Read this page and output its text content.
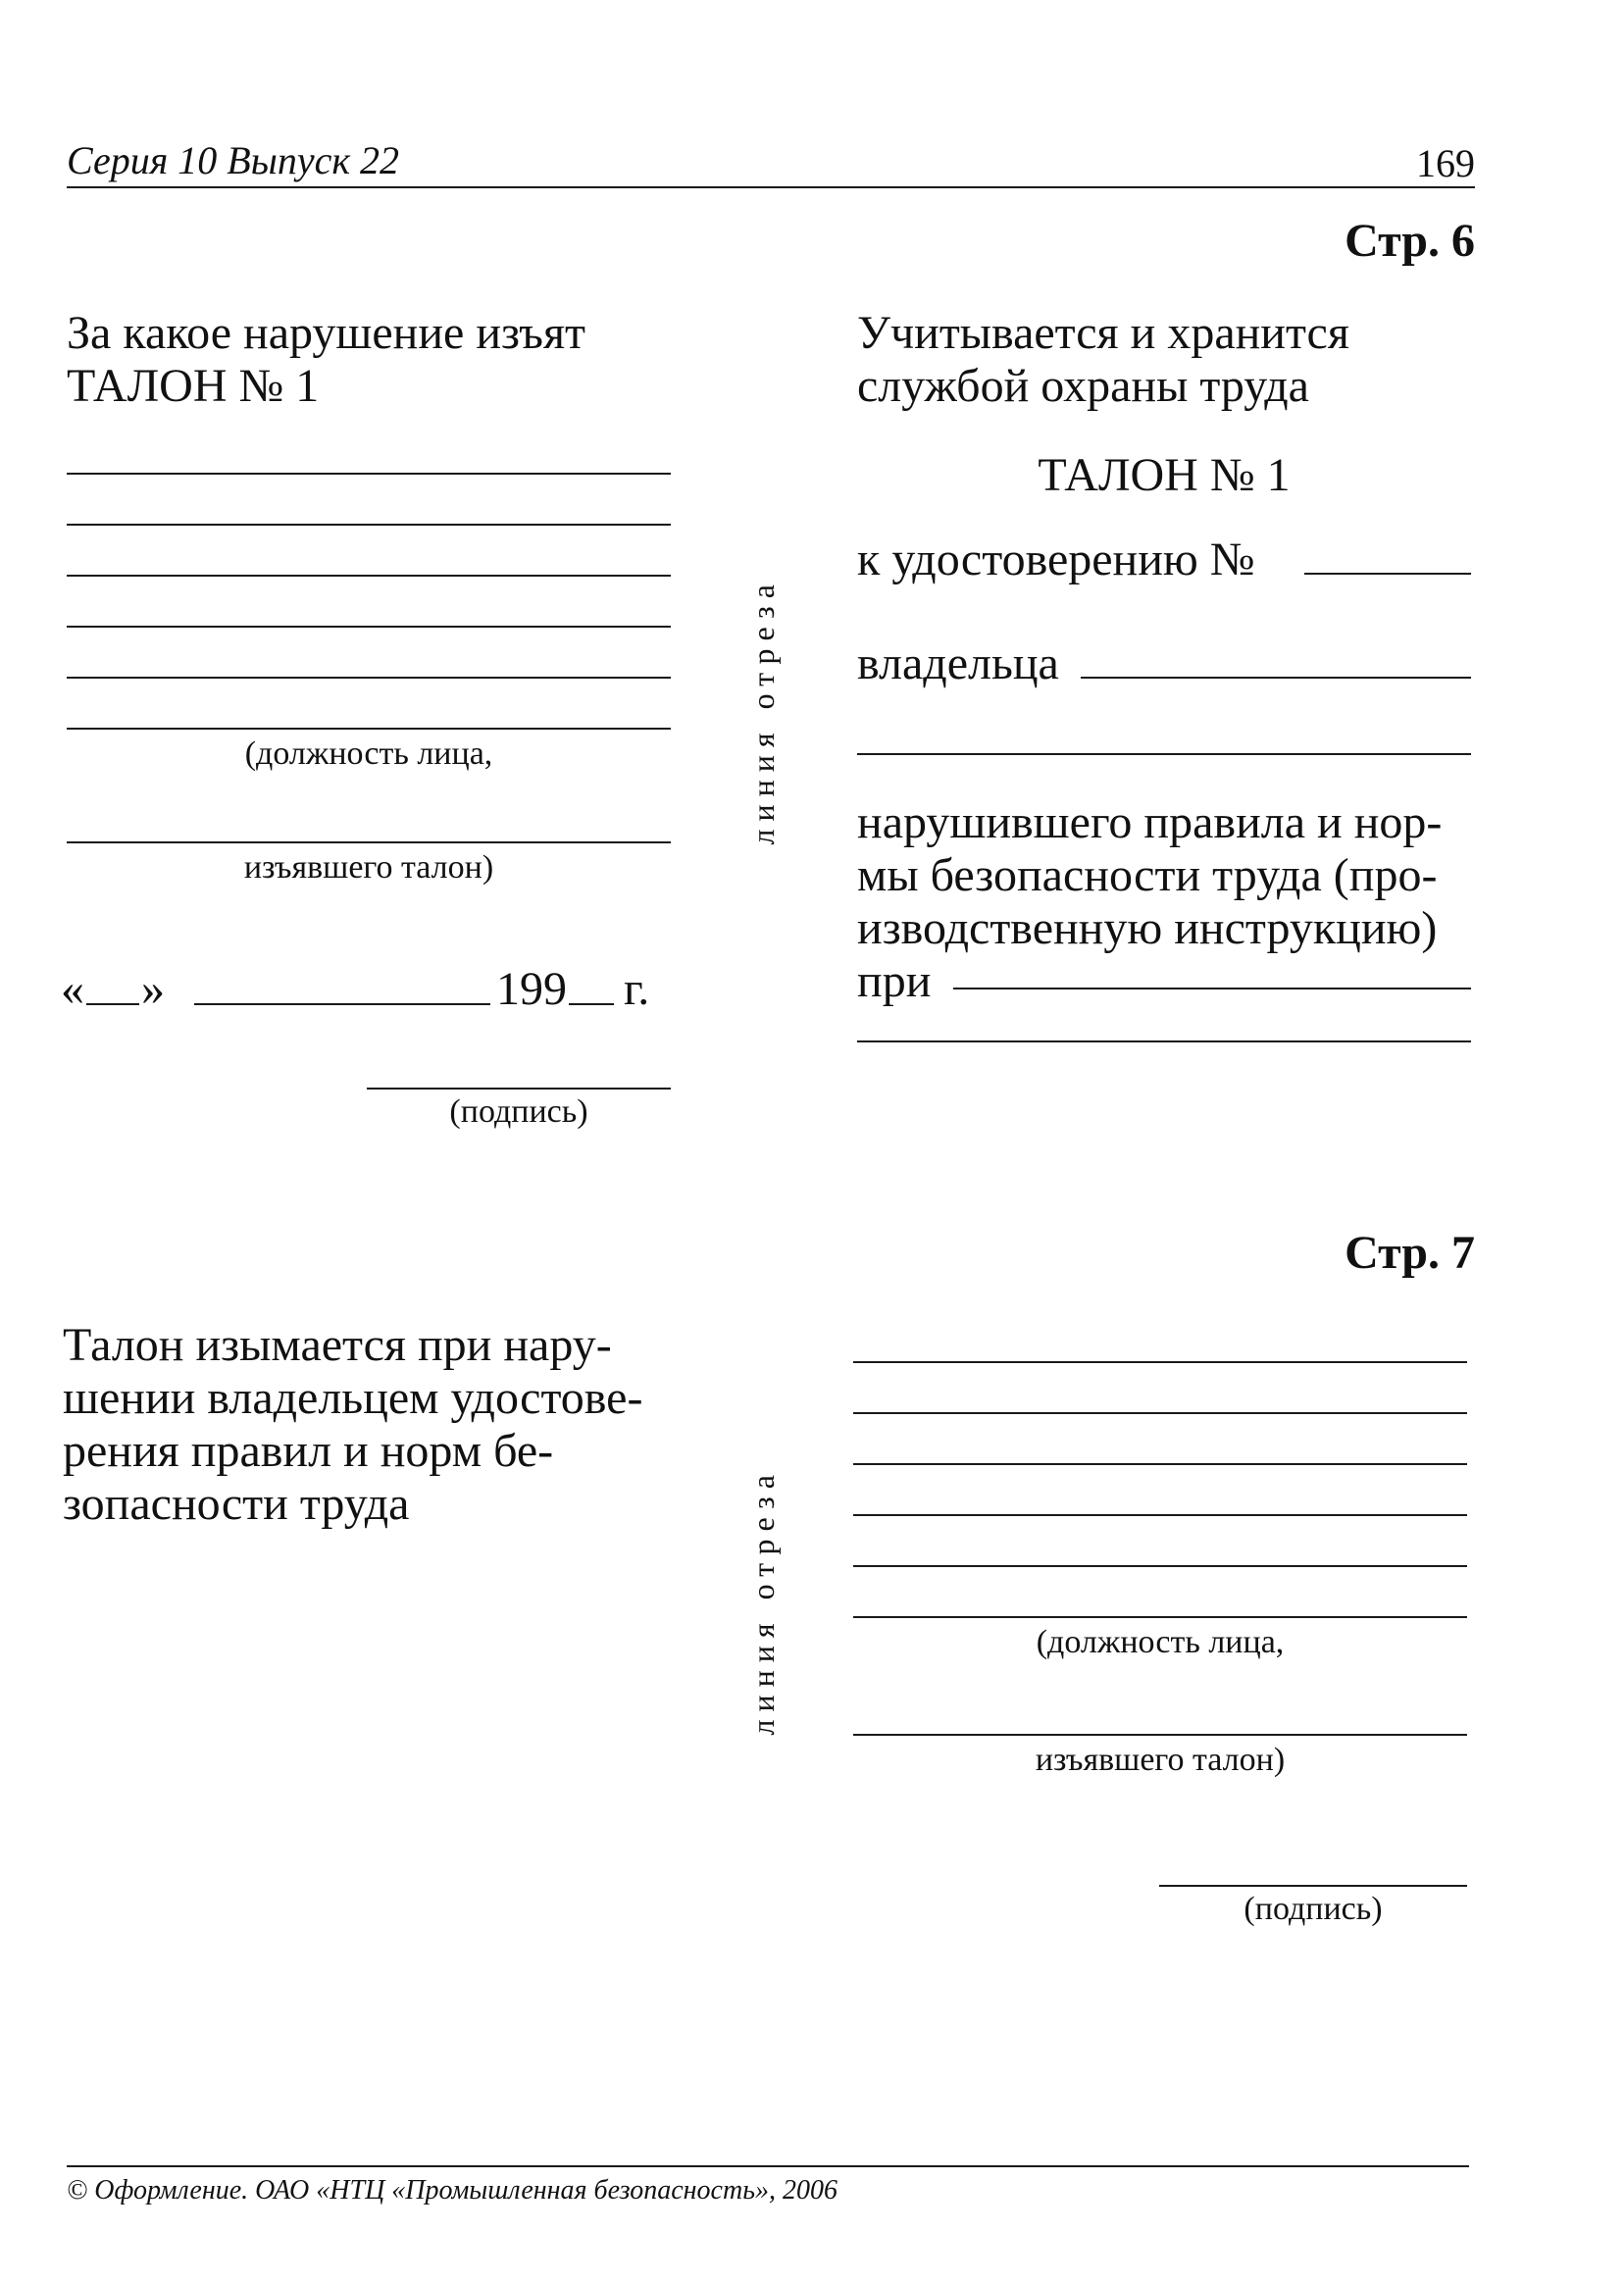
Серия 10 Выпуск 22	169
Стр. 6
За какое нарушение изъят
ТАЛОН № 1
(должность лица,
изъявшего талон)
« »	199 г.
(подпись)
линия отреза
Учитывается и хранится
службой охраны труда
ТАЛОН № 1
к удостоверению №
владельца
нарушившего правила и нор-
мы безопасности труда (про-
изводственную инструкцию)
при
Стр. 7
Талон изымается при нару-
шении владельцем удостове-
рения правил и норм бе-
зопасности труда	линия отреза	(должность лица,
изъявшего талон)
(подпись)
© Оформление. ОАО «НТЦ «Промышленная безопасность», 2006
